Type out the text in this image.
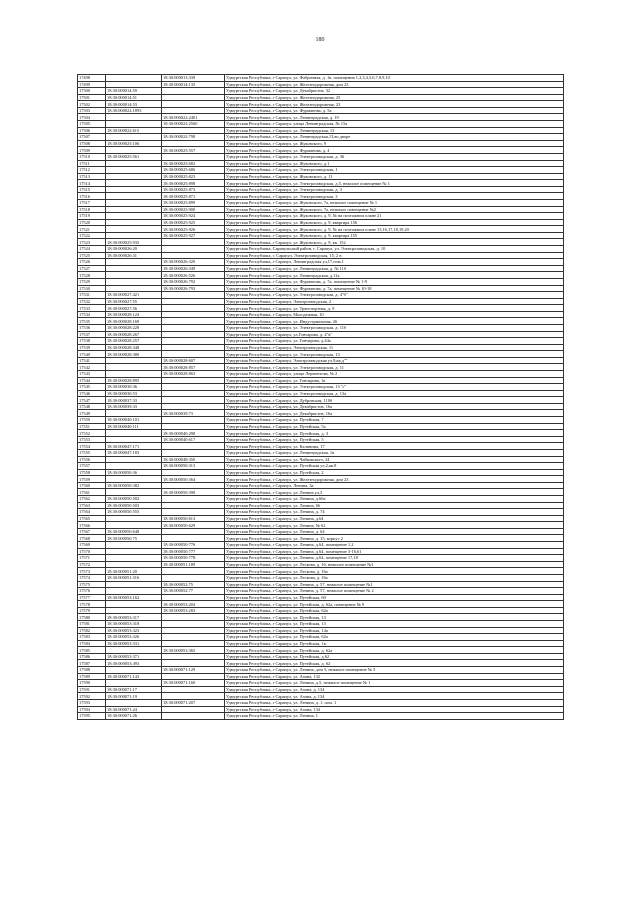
180
17498		18:30:000013:339	Удмуртская Республика, г Сарапул, ул. Фабричная, д. 1в, помещения 1,2,3,4,5,6,7,8,9,10
17499		18:30:000014:135	Удмуртская Республика, г Сарапул, ул. Железнодорожная, дом 23
17500	18:30:000014:59		Удмуртская Республика, г Сарапул, ул. Декабристов, 32
17501	18:30:000014:51		Удмуртская Республика, г Сарапул, ул. Железнодорожная, 25
17502	18:30:000014:53		Удмуртская Республика, г Сарапул, ул. Железнодорожная, 23
17503	18:30:000022:1893		Удмуртская Республика, г Сарапул, ул. Фурманова, д. 5а
17504		18:30:000022:2401	Удмуртская Республика, г Сарапул, ул. Ленинградская, д. 19
17505		18:30:000022:2560	Удмуртская Республика, г Сарапул, улица Ленинградская, № 15а
17506	18:30:000022:615		Удмуртская Республика, г Сарапул, ул. Ленинградская, 13
17507		18:30:000022:798	Удмуртская Республика, г Сарапул, ул. Ленинградская,13,во дворе
17508	18:30:000025:106		Удмуртская Республика, г Сарапул, ул. Жуковского, 9
17509		18:30:000025:557	Удмуртская Республика, г Сарапул, ул. Фурманова, д. 4
17510	18:30:000025:561		Удмуртская Республика, г Сарапул, ул. Электрозаводская, д. 36
17511		18:30:000025:682	Удмуртская Республика, г Сарапул, ул. Жуковского, д.1
17512		18:30:000025:686	Удмуртская Республика, г Сарапул, ул. Электрозаводская, 1
17513		18:30:000025:823	Удмуртская Республика, г Сарапул, ул. Жуковского, д. 11
17514		18:30:000025:898	Удмуртская Республика, г Сарапул, ул. Электрозаводская, д.5, нежилое помещение № 1
17515		18:30:000025:873	Удмуртская Республика, г Сарапул, ул. Электрозаводская, д. 3
17516		18:30:000025:871	Удмуртская Республика, г Сарапул, ул. Электрозаводская, 3
17517		18:30:000025:899	Удмуртская Республика, г Сарапул, ул. Жуковского, 7а, нежилое помещение № 1
17518		18:30:000025:900	Удмуртская Республика, г Сарапул, ул. Жуковского, 7а, нежилое помещение №2
17519		18:30:000025:924	Удмуртская Республика, г Сарапул, ул. Жуковского, д. 9, № на поэтажном плане 21
17520		18:30:000025:925	Удмуртская Республика, г Сарапул, ул. Жуковского, д. 9, квартира 156
17521		18:30:000025:926	Удмуртская Республика, г Сарапул, ул. Жуковского, д. 9, № на поэтажном плане 15,16,17,18,19,20
17522		18:30:000025:927	Удмуртская Республика, г Сарапул, ул. Жуковского, д. 9, квартира 155
17523	18:30:000025:935		Удмуртская Республика, г Сарапул, ул. Жуковского, д. 9, кв. 152
17524	18:30:000026:20		Удмуртская Республика, Сарапульский район, г. Сарапул, ул. Электрозаводская, д. 10
17525	18:30:000026:31		Удмуртская Республика, г. Сарапул, Электрозаводская, 15, 2 в
17526		18:30:000026:320	Удмуртская Республика, г Сарапул, Ленинградская ул,17,пом.1
17527		18:30:000026:349	Удмуртская Республика, г Сарапул, ул. Ленинградская, д. № 11б
17528		18:30:000026:526	Удмуртская Республика, г Сарапул, ул. Ленинградская, д.11а
17529		18:30:000026:792	Удмуртская Республика, г Сарапул, ул. Фурманова, д. 7а, помещение № 1-9
17530		18:30:000026:793	Удмуртская Республика, г Сарапул, ул. Фурманова, д. 7а, помещение № 10-18
17531	18:30:000027:421		Удмуртская Республика, г Сарапул, ул. Электрозаводская, д. 4"б"
17532	18:30:000027:55		Удмуртская Республика, г Сарапул, Электрозаводская, 2
17533	18:30:000027:56		Удмуртская Республика, г Сарапул, ул. Транспортная, д. 9
17534	18:30:000028:124		Удмуртская Республика, г Сарапул, Молодежная, 10
17535	18:30:000028:169		Удмуртская Республика, г Сарапул, ул. Индустриальная, 26
17536	18:30:000028:228		Удмуртская Республика, г Сарапул, ул. Электрозаводская, д. 11б
17537	18:30:000028:267		Удмуртская Республика, г Сарапул, ул.Гончарова, д. 4"в"
17538	18:30:000028:257		Удмуртская Республика, г Сарапул, ул. Гончарова, д.44а
17539	18:30:000028:348		Удмуртская Республика, г Сарапул, Электрозаводская, 11
17540	18:30:000028:380		Удмуртская Республика, г Сарапул, ул. Электрозаводская, 13
17541		18:30:000028:607	Удмуртская Республика, г Сарапул, Электрозаводская ул,9,кв.д""
17542		18:30:000028:857	Удмуртская Республика, г Сарапул, ул. Электрозаводская, д. 11
17543		18:30:000028:863	Удмуртская Республика, г Сарапул, улица Лермонтова, № 2
17544	18:30:000028:895		Удмуртская Республика, г Сарапул, ул. Гончарова, 1в
17545	18:30:000030:36		Удмуртская Республика, г Сарапул, ул. Электрозаводская, 13 "г"
17546	18:30:000030:53		Удмуртская Республика, г Сарапул, ул. Электрозаводская, д. 13а
17547	18:30:000037:33		Удмуртская Республика, г Сарапул, ул. Дубровская, 110б
17548	18:30:000039:33		Удмуртская Республика, г Сарапул, ул. Декабристов, 16а
17549		18:30:000039:73	Удмуртская Республика, г Сарапул, ул. Декабристов, 16а
17550	18:30:000040:101		Удмуртская Республика, г Сарапул, ул. Путейская, 7
17551	18:30:000040:111		Удмуртская Республика, г Сарапул, ул. Путейская, 5а
17552		18:30:000040:298	Удмуртская Республика, г Сарапул, ул. Путейская, д. 3
17553		18:30:000040:617	Удмуртская Республика, г Сарапул, ул. Путейская, 5
17554	18:30:000047:171		Удмуртская Республика, г Сарапул, ул. Калинина, 17
17555	18:30:000047:183		Удмуртская Республика, г Сарапул, ул. Ленинградская, 1в
17556		18:30:000048:350	Удмуртская Республика, г Сарапул, ул. Чайковского, 24
17557		18:30:000050:313	Удмуртская Республика, г Сарапул, ул. Путейская ул,2,кв.8
17558	18:30:000050:36		Удмуртская Республика, г Сарапул, ул. Путейская, 2
17559		18:30:000050:364	Удмуртская Республика, г Сарапул, ул. Железнодорожная, дом 23
17560	18:30:000050:382		Удмуртская Республика, г Сарапул, Ленина, 3а
17561		18:30:000050:398	Удмуртская Республика, г Сарапул, ул. Ленина ул,3
17562	18:30:000050:502		Удмуртская Республика, г Сарапул, ул. Ленина, д.66а
17563	18:30:000050:503		Удмуртская Республика, г Сарапул, ул. Ленина, 66
17564	18:30:000050:555		Удмуртская Республика, г Сарапул, ул. Ленина, д. 74
17565		18:30:000050:613	Удмуртская Республика, г Сарапул, ул. Ленина, д.64
17566		18:30:000050:629	Удмуртская Республика, г Сарапул, ул. Ленина, № 62
17567	18:30:000050:648		Удмуртская Республика, г Сарапул, ул. Ленина, д. 64
17568	18:30:000050:75		Удмуртская Республика, г Сарапул, ул. Ленина, д. 15, корпус 2
17569		18:30:000050:776	Удмуртская Республика, г Сарапул, ул. Ленина, д.64, помещение 1,2
17570		18:30:000050:777	Удмуртская Республика, г Сарапул, ул. Ленина, д.64, помещение 3-16,61
17571		18:30:000050:778	Удмуртская Республика, г Сарапул, ул. Ленина, д.64, помещение 17,18
17572		18:30:000051:189	Удмуртская Республика, г Сарапул, ул. Лескова, д. 16, нежилое помещение №1
17573	18:30:000051:20		Удмуртская Республика, г Сарапул, ул. Лескова, д. 16а
17574	18:30:000051:316		Удмуртская Республика, г Сарапул, ул. Лескова, д. 16а
17575		18:30:000052:75	Удмуртская Республика, г Сарапул, ул. Ленина, д. 57, нежилое помещение №1
17576		18:30:000052:77	Удмуртская Республика, г Сарапул, ул. Ленина, д. 57, нежилое помещение № 2
17577	18:30:000053:162		Удмуртская Республика, г Сарапул, ул. Путейская, 60
17578		18:30:000053:204	Удмуртская Республика, г Сарапул, ул. Путейская, д. 62а, помещение № 9
17579		18:30:000053:283	Удмуртская Республика, г Сарапул, ул. Путейская, 62а
17580	18:30:000053:317		Удмуртская Республика, г Сарапул, ул. Путейская, 13
17581	18:30:000053:318		Удмуртская Республика, г Сарапул, ул. Путейская, 13
17582	18:30:000053:323		Удмуртская Республика, г Сарапул, ул. Путейская, 14а
17583	18:30:000053:326		Удмуртская Республика, г Сарапул, ул. Путейская, 62а
17584	18:30:000053:331		Удмуртская Республика, г Сарапул, ул. Путейская, 1в
17585		18:30:000053:365	Удмуртская Республика, г Сарапул, ул. Путейская, д. 62а
17586	18:30:000053:371		Удмуртская Республика, г Сарапул, ул. Путейская, д.62
17587	18:30:000053:493		Удмуртская Республика, г Сарапул, ул. Путейская, д. 62
17588		18:30:000071:129	Удмуртская Республика, г Сарапул, ул. Ленина, дом 5, нежилое помещение № 3
17589	18:30:000071:143		Удмуртская Республика, г Сарапул, ул. Азина, 132
17590		18:30:000071:160	Удмуртская Республика, г Сарапул, ул. Ленина, д.5, нежилое помещение № 1
17591	18:30:000071:17		Удмуртская Республика, г Сарапул, ул. Азина, д. 134
17592	18:30:000071:19		Удмуртская Республика, г Сарапул, ул. Азина, д. 134
17593		18:30:000071:207	Удмуртская Республика, г Сарапул, ул. Ленина, д. 1, пом. 1
17594	18:30:000071:24		Удмуртская Республика, г Сарапул, ул. Азина, 134
17595	18:30:000071:26		Удмуртская Республика, г Сарапул, ул. Ленина, 1
